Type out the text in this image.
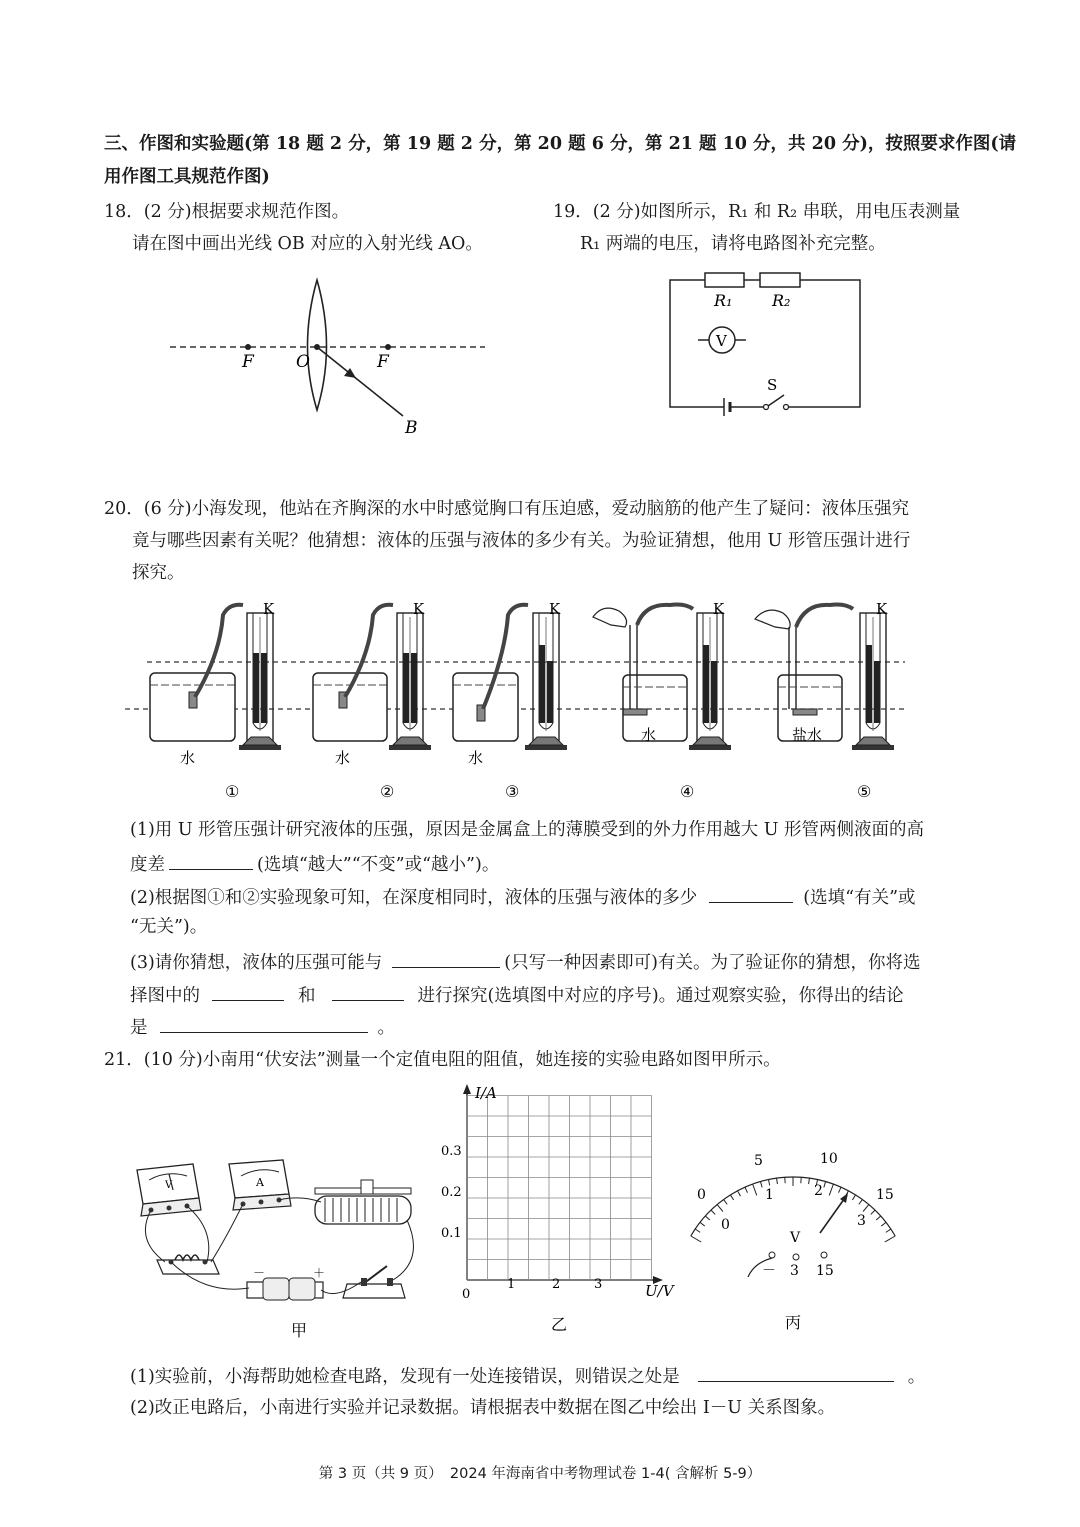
三、作图和实验题(第 18 题 2 分，第 19 题 2 分，第 20 题 6 分，第 21 题 10 分，共 20 分)，按照要求作图(请
用作图工具规范作图)
18．(2 分)根据要求规范作图。
请在图中画出光线 OB 对应的入射光线 AO。
F O	F
B
19．(2 分)如图所示，R₁ 和 R₂ 串联，用电压表测量
R₁ 两端的电压，请将电路图补充完整。
R₁ R₂
V
S
20．(6 分)小海发现，他站在齐胸深的水中时感觉胸口有压迫感，爱动脑筋的他产生了疑问：液体压强究
竟与哪些因素有关呢？他猜想：液体的压强与液体的多少有关。为验证猜想，他用 U 形管压强计进行
探究。
K
水
①
K
水
②
K
水
③
K
水
④
K
盐水
⑤
(1)用 U 形管压强计研究液体的压强，原因是金属盒上的薄膜受到的外力作用越大 U 形管两侧液面的高
度差	(选填“越大”“不变”或“越小”)。
(2)根据图①和②实验现象可知，在深度相同时，液体的压强与液体的多少	(选填“有关”或
“无关”)。
(3)请你猜想，液体的压强可能与	(只写一种因素即可)有关。为了验证你的猜想，你将选
择图中的	和	进行探究(选填图中对应的序号)。通过观察实验，你得出的结论
是	。
21．(10 分)小南用“伏安法”测量一个定值电阻的阻值，她连接的实验电路如图甲所示。
V	A
－	＋
甲
I/A
U/V
0
1	2	3
0.1
0.2
0.3
乙
0
5	10
15
0
1	2
3
V
－ 3 15
丙
(1)实验前，小海帮助她检查电路，发现有一处连接错误，则错误之处是	。
(2)改正电路后，小南进行实验并记录数据。请根据表中数据在图乙中绘出 I－U 关系图象。
第 3 页（共 9 页）　2024 年海南省中考物理试卷 1-4( 含解析 5-9）
